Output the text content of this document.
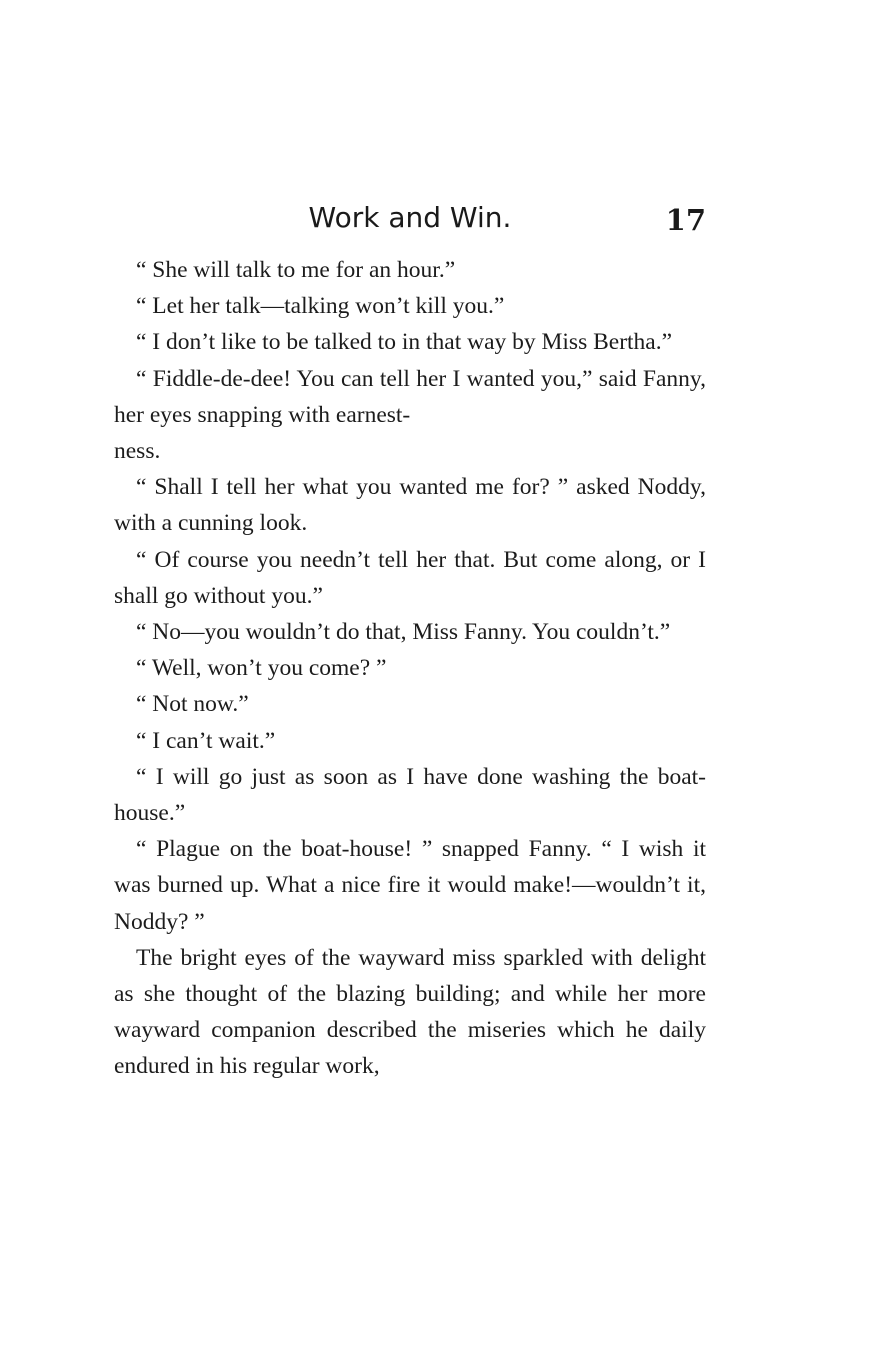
Work and Win.	17

“ She will talk to me for an hour.”

“ Let her talk—talking won’t kill you.”

“ I don’t like to be talked to in that way by Miss Bertha.”

“ Fiddle-de-dee! You can tell her I wanted you,” said Fanny, her eyes snapping with earnest-
ness.

“ Shall I tell her what you wanted me for? ” asked Noddy, with a cunning look.

“ Of course you needn’t tell her that. But come along, or I shall go without you.”

“ No—you wouldn’t do that, Miss Fanny. You couldn’t.”

“ Well, won’t you come? ”

“ Not now.”

“ I can’t wait.”

“ I will go just as soon as I have done washing the boat-house.”

“ Plague on the boat-house! ” snapped Fanny. “ I wish it was burned up. What a nice fire it would make!—wouldn’t it, Noddy? ”

The bright eyes of the wayward miss sparkled with delight as she thought of the blazing building; and while her more wayward companion described the miseries which he daily endured in his regular work,
